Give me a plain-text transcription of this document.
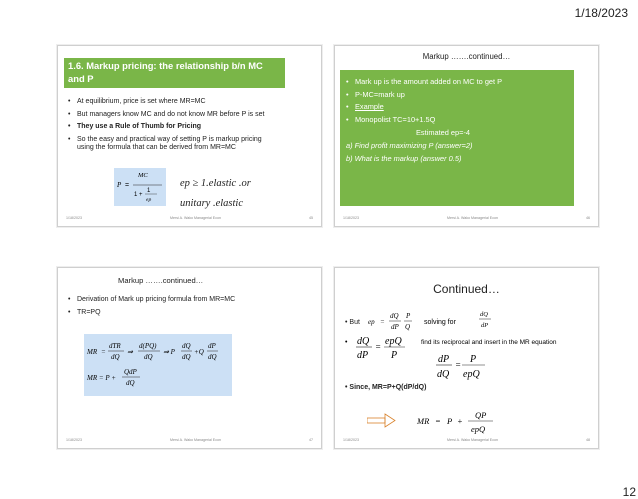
1/18/2023
1.6. Markup pricing: the relationship b/n MC and P
• At equilibrium, price is set where MR=MC
• But managers know MC and do not know MR before P is set
• They use a Rule of Thumb for Pricing
• So the easy and practical way of setting P is markup pricing using the formula that can be derived from MR=MC
P =
MC
1
1 +
ep
ep ≥ 1.elastic .or
unitary .elastic
1/18/2023	Mersi A. Wako Managerial Econ	45
Markup …….continued…
• Mark up is the amount added on MC to get P
• P-MC=mark up
• Example
• Monopolist TC=10+1.5Q
Estimated ep=-4
a) Find profit maximizing P (answer=2)
b) What is the markup (answer 0.5)
1/18/2023	Mersi A. Wako Managerial Econ	46
Markup …….continued…
• Derivation of Mark up pricing formula from MR=MC
• TR=PQ
MR =
dTR
dQ
⇒
d(PQ)
dQ
⇒ P
dQ
dQ
+Q
dP
dQ
MR = P +
QdP
dQ
1/18/2023	Mersi A. Wako Managerial Econ	47
Continued…
• But ep =
dQ
dP
P
Q
solving for
dQ
dP
• dQ
dP
= epQ
P
find its reciprocal and insert in the MR equation
dP
dQ
= P
epQ
• Since, MR=P+Q(dP/dQ)
MR = P +
QP
epQ
1/18/2023	Mersi A. Wako Managerial Econ	48
12
